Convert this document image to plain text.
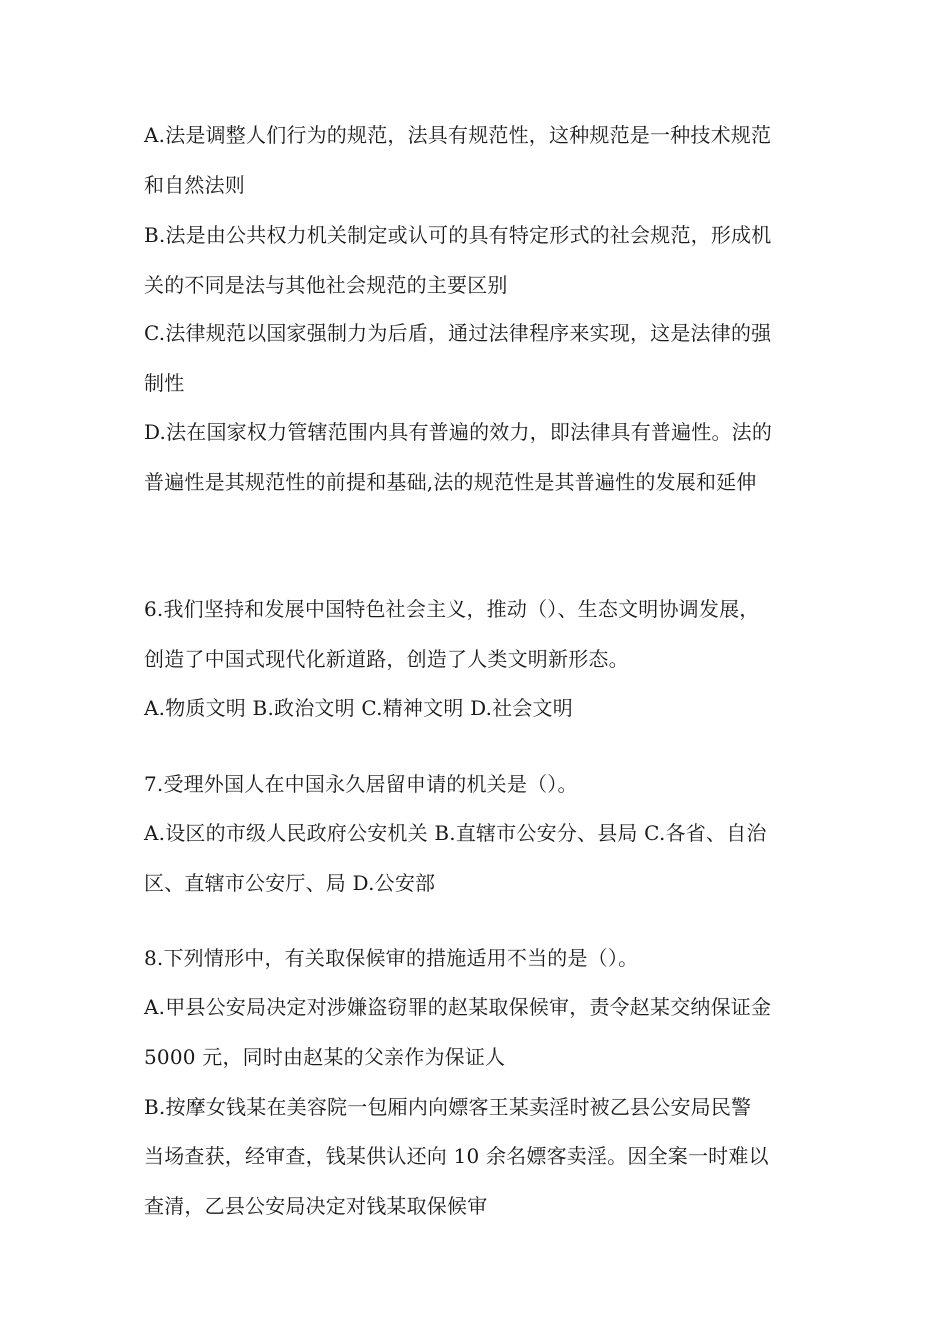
A.法是调整人们行为的规范，法具有规范性，这种规范是一种技术规范
和自然法则
B.法是由公共权力机关制定或认可的具有特定形式的社会规范，形成机
关的不同是法与其他社会规范的主要区别
C.法律规范以国家强制力为后盾，通过法律程序来实现，这是法律的强
制性
D.法在国家权力管辖范围内具有普遍的效力，即法律具有普遍性。法的
普遍性是其规范性的前提和基础,法的规范性是其普遍性的发展和延伸
6.我们坚持和发展中国特色社会主义，推动（）、生态文明协调发展，
创造了中国式现代化新道路，创造了人类文明新形态。
A.物质文明 B.政治文明 C.精神文明 D.社会文明
7.受理外国人在中国永久居留申请的机关是（）。
A.设区的市级人民政府公安机关 B.直辖市公安分、县局 C.各省、自治
区、直辖市公安厅、局 D.公安部
8.下列情形中，有关取保候审的措施适用不当的是（）。
A.甲县公安局决定对涉嫌盗窃罪的赵某取保候审，责令赵某交纳保证金
5000 元，同时由赵某的父亲作为保证人
B.按摩女钱某在美容院一包厢内向嫖客王某卖淫时被乙县公安局民警
当场查获，经审查，钱某供认还向 10 余名嫖客卖淫。因全案一时难以
查清，乙县公安局决定对钱某取保候审
